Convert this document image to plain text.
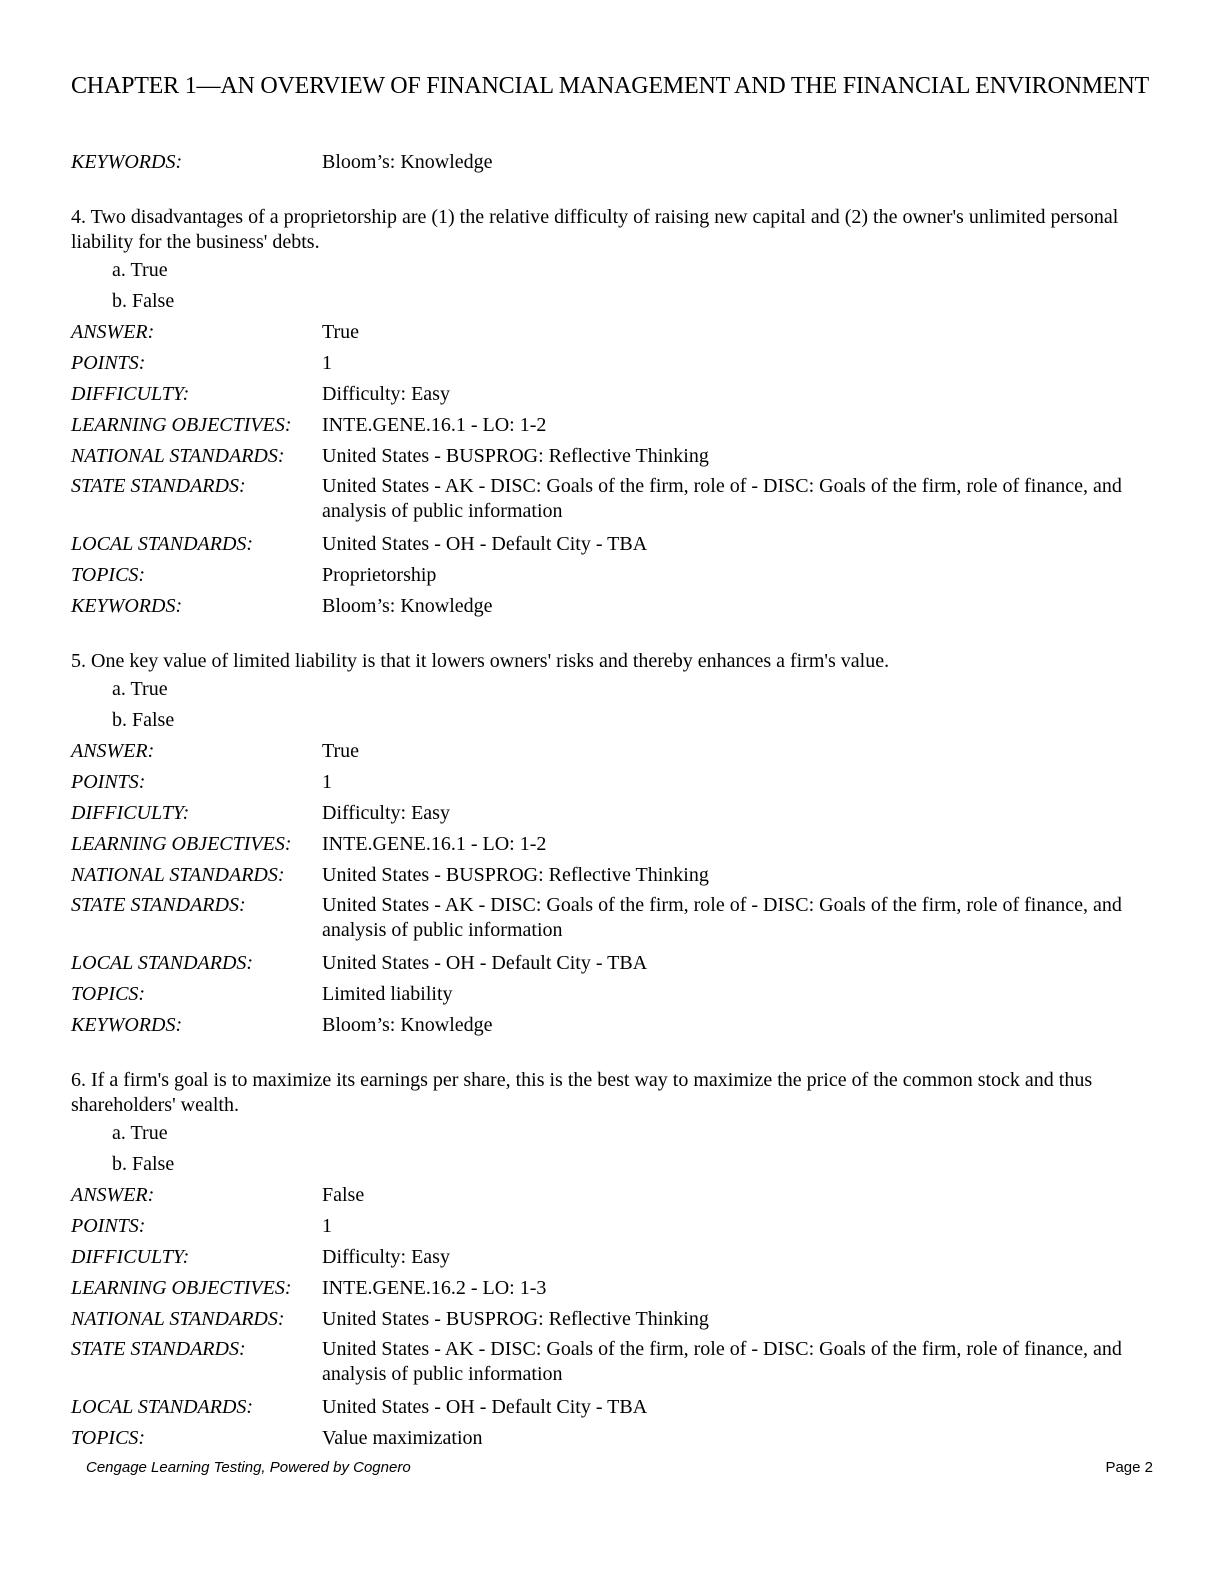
CHAPTER 1—AN OVERVIEW OF FINANCIAL MANAGEMENT AND THE FINANCIAL ENVIRONMENT
KEYWORDS:	Bloom’s: Knowledge
4. Two disadvantages of a proprietorship are (1) the relative difficulty of raising new capital and (2) the owner's unlimited personal liability for the business' debts.
a. True
b. False
ANSWER:	True
POINTS:	1
DIFFICULTY:	Difficulty: Easy
LEARNING OBJECTIVES:	INTE.GENE.16.1 - LO: 1-2
NATIONAL STANDARDS:	United States - BUSPROG: Reflective Thinking
STATE STANDARDS:	United States - AK - DISC: Goals of the firm, role of - DISC: Goals of the firm, role of finance, and analysis of public information
LOCAL STANDARDS:	United States - OH - Default City - TBA
TOPICS:	Proprietorship
KEYWORDS:	Bloom’s: Knowledge
5. One key value of limited liability is that it lowers owners' risks and thereby enhances a firm's value.
a. True
b. False
ANSWER:	True
POINTS:	1
DIFFICULTY:	Difficulty: Easy
LEARNING OBJECTIVES:	INTE.GENE.16.1 - LO: 1-2
NATIONAL STANDARDS:	United States - BUSPROG: Reflective Thinking
STATE STANDARDS:	United States - AK - DISC: Goals of the firm, role of - DISC: Goals of the firm, role of finance, and analysis of public information
LOCAL STANDARDS:	United States - OH - Default City - TBA
TOPICS:	Limited liability
KEYWORDS:	Bloom’s: Knowledge
6. If a firm's goal is to maximize its earnings per share, this is the best way to maximize the price of the common stock and thus shareholders' wealth.
a. True
b. False
ANSWER:	False
POINTS:	1
DIFFICULTY:	Difficulty: Easy
LEARNING OBJECTIVES:	INTE.GENE.16.2 - LO: 1-3
NATIONAL STANDARDS:	United States - BUSPROG: Reflective Thinking
STATE STANDARDS:	United States - AK - DISC: Goals of the firm, role of - DISC: Goals of the firm, role of finance, and analysis of public information
LOCAL STANDARDS:	United States - OH - Default City - TBA
TOPICS:	Value maximization
Cengage Learning Testing, Powered by Cognero	Page 2
